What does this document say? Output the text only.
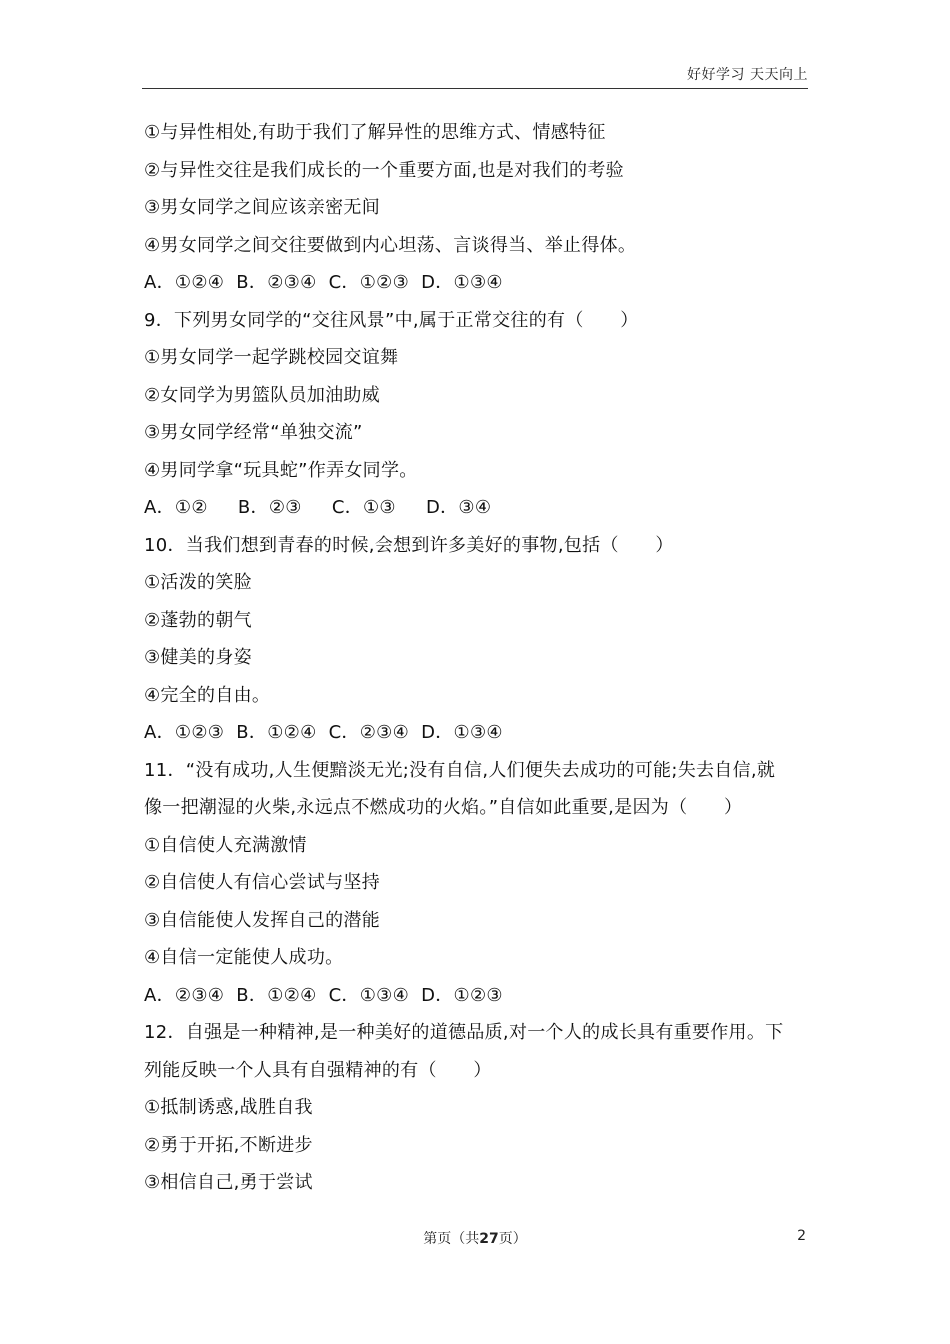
好好学习 天天向上
①与异性相处,有助于我们了解异性的思维方式、情感特征
②与异性交往是我们成长的一个重要方面,也是对我们的考验
③男女同学之间应该亲密无间
④男女同学之间交往要做到内心坦荡、言谈得当、举止得体。
A．①②④  B．②③④  C．①②③  D．①③④
9．下列男女同学的“交往风景”中,属于正常交往的有（　　）
①男女同学一起学跳校园交谊舞
②女同学为男篮队员加油助威
③男女同学经常“单独交流”
④男同学拿“玩具蛇”作弄女同学。
A．①②     B．②③     C．①③     D．③④
10．当我们想到青春的时候,会想到许多美好的事物,包括（　　）
①活泼的笑脸
②蓬勃的朝气
③健美的身姿
④完全的自由。
A．①②③  B．①②④  C．②③④  D．①③④
11．“没有成功,人生便黯淡无光;没有自信,人们便失去成功的可能;失去自信,就
像一把潮湿的火柴,永远点不燃成功的火焰。”自信如此重要,是因为（　　）
①自信使人充满激情
②自信使人有信心尝试与坚持
③自信能使人发挥自己的潜能
④自信一定能使人成功。
A．②③④  B．①②④  C．①③④  D．①②③
12．自强是一种精神,是一种美好的道德品质,对一个人的成长具有重要作用。下
列能反映一个人具有自强精神的有（　　）
①抵制诱惑,战胜自我
②勇于开拓,不断进步
③相信自己,勇于尝试
第页（共27页）	2
